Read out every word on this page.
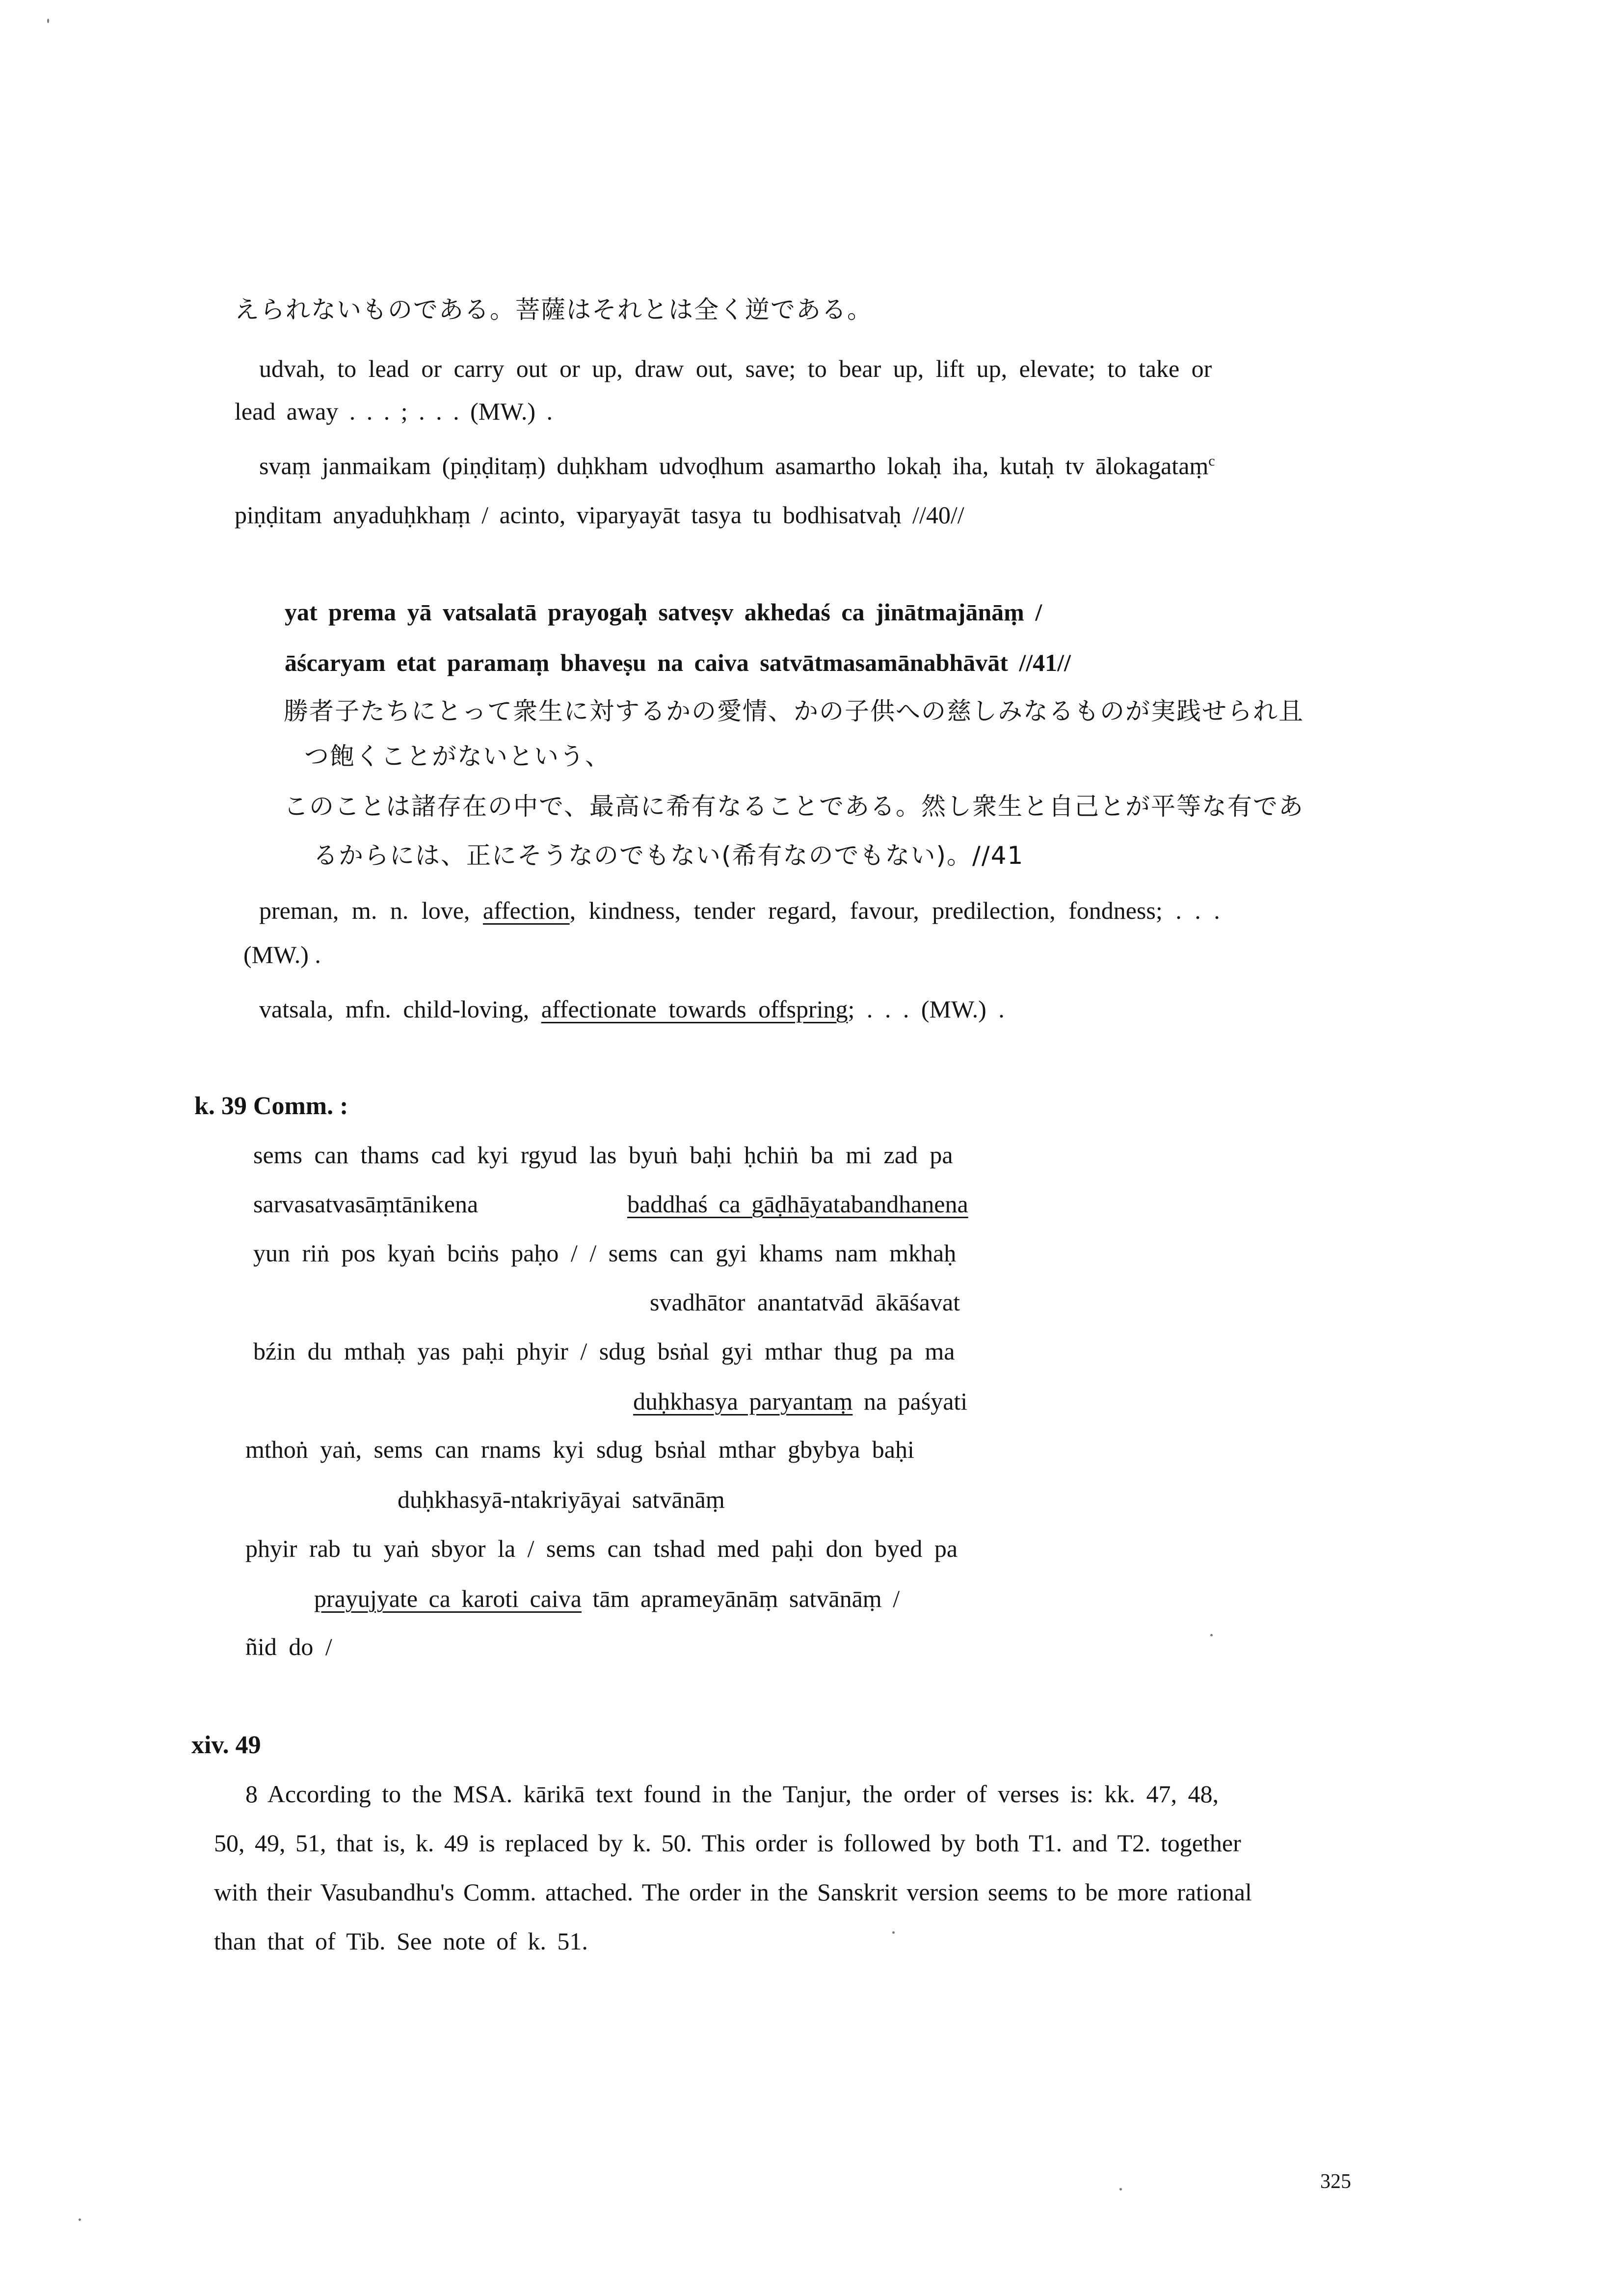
えられないものである。菩薩はそれとは全く逆である。
udvah, to lead or carry out or up, draw out, save; to bear up, lift up, elevate; to take or
lead away . . . ; . . . (MW.) .
svaṃ janmaikam (piṇḍitaṃ) duḥkham udvoḍhum asamartho lokaḥ iha, kutaḥ tv ālokagataṃ$^c$
piṇḍitam anyaduḥkhaṃ / acinto, viparyayāt tasya tu bodhisatvaḥ //40//
yat prema yā vatsalatā prayogaḥ satveṣv akhedaś ca jinātmajānāṃ /
āścaryam etat paramaṃ bhaveṣu na caiva satvātmasamānabhāvāt //41//
勝者子たちにとって衆生に対するかの愛情、かの子供への慈しみなるものが実践せられ且
つ飽くことがないという、
このことは諸存在の中で、最高に希有なることである。然し衆生と自己とが平等な有であ
るからには、正にそうなのでもない(希有なのでもない)。//41
preman, m. n. love, affection, kindness, tender regard, favour, predilection, fondness; . . .
(MW.) .
vatsala, mfn. child-loving, affectionate towards offspring; . . . (MW.) .
k. 39 Comm. :
sems can thams cad kyi rgyud las byuṅ baḥi ḥchiṅ ba mi zad pa
sarvasatvasāṃtānikena	baddhaś ca gāḍhāyatabandhanena
yun riṅ pos kyaṅ bciṅs paḥo / / sems can gyi khams nam mkhaḥ
svadhātor anantatvād ākāśavat
bźin du mthaḥ yas paḥi phyir / sdug bsṅal gyi mthar thug pa ma
duḥkhasya paryantaṃ na paśyati
mthoṅ yaṅ, sems can rnams kyi sdug bsṅal mthar gbybya baḥi
duḥkhasyā-ntakriyāyai satvānāṃ
phyir rab tu yaṅ sbyor la / sems can tshad med paḥi don byed pa
prayujyate ca karoti caiva tām aprameyānāṃ satvānāṃ /
ñid do /
xiv. 49
8 According to the MSA. kārikā text found in the Tanjur, the order of verses is: kk. 47, 48,
50, 49, 51, that is, k. 49 is replaced by k. 50. This order is followed by both T1. and T2. together
with their Vasubandhu's Comm. attached. The order in the Sanskrit version seems to be more rational
than that of Tib. See note of k. 51.
325
